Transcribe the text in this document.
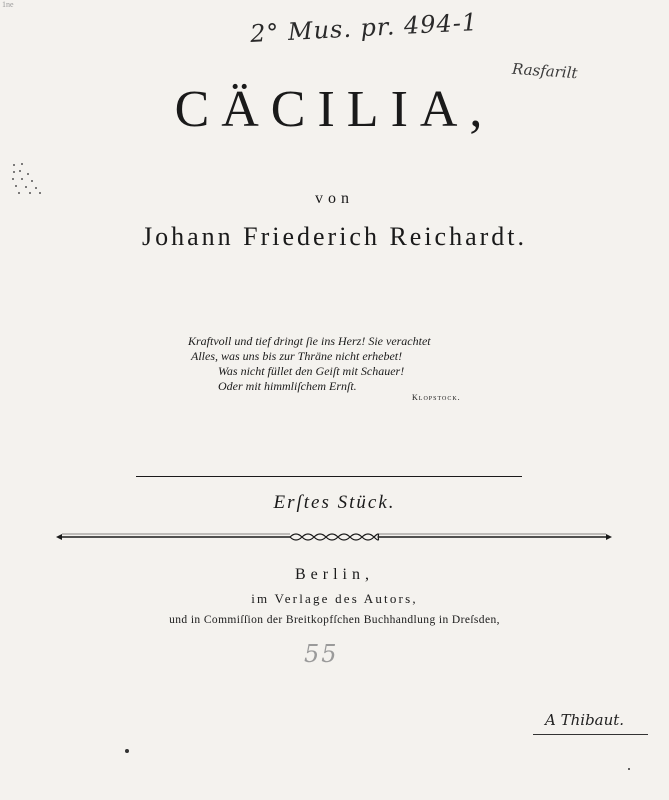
1ne
2° Mus. pr. 494-1
Rasfarilt
CÄCILIA,
von
Johann Friederich Reichardt.
Kraftvoll und tief dringt ſie ins Herz! Sie verachtet
Alles, was uns bis zur Thräne nicht erhebet!
Was nicht füllet den Geiſt mit Schauer!
Oder mit himmliſchem Ernſt.
Klopstock.
Erſtes Stück.
Berlin,
im Verlage des Autors,
und in Commiſſion der Breitkopfſchen Buchhandlung in Dreſsden,
55
A Thibaut.
